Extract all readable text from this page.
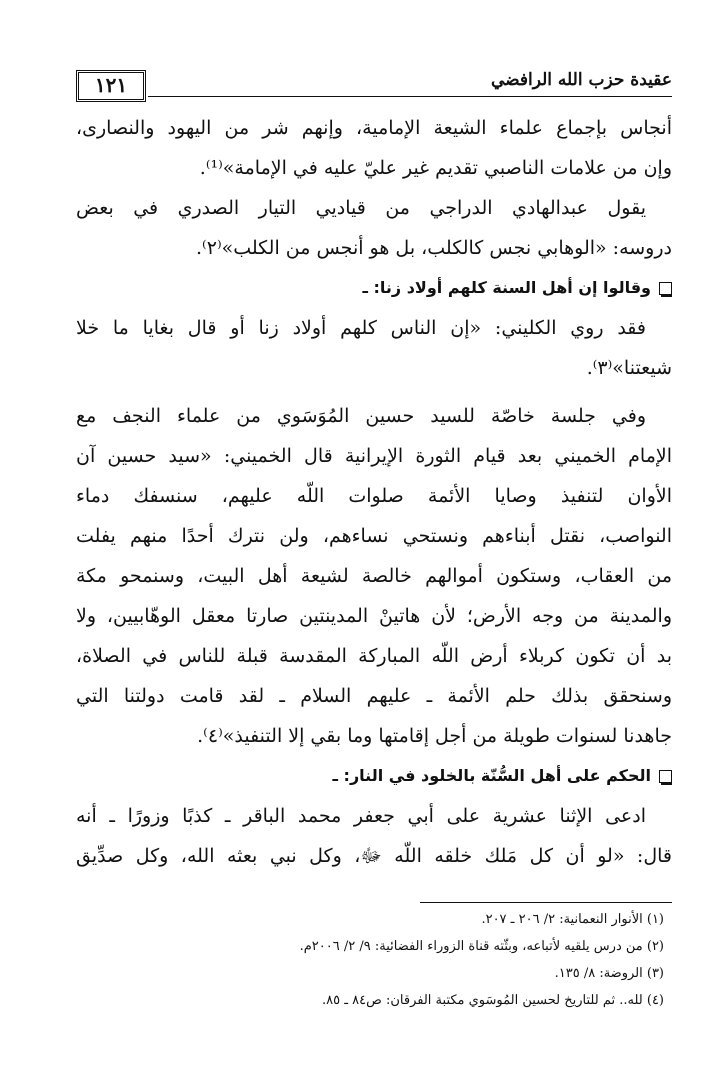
١٢١	عقيدة حزب الله الرافضي
أنجاس بإجماع علماء الشيعة الإمامية، وإنهم شر من اليهود والنصارى،
وإن من علامات الناصبي تقديم غير عليّ عليه في الإمامة»⁽¹⁾.
يقول عبدالهادي الدراجي من قياديي التيار الصدري في بعض
دروسه: «الوهابي نجس كالكلب، بل هو أنجس من الكلب»⁽٢⁾.
وقالوا إن أهل السنة كلهم أولاد زنا: ـ
فقد روي الكليني: «إن الناس كلهم أولاد زنا أو قال بغايا ما خلا
شيعتنا»⁽٣⁾.
وفي جلسة خاصّة للسيد حسين المُوَسَوي من علماء النجف مع
الإمام الخميني بعد قيام الثورة الإيرانية قال الخميني: «سيد حسين آن
الأوان لتنفيذ وصايا الأئمة صلوات اللّه عليهم، سنسفك دماء
النواصب، نقتل أبناءهم ونستحي نساءهم، ولن نترك أحدًا منهم يفلت
من العقاب، وستكون أموالهم خالصة لشيعة أهل البيت، وسنمحو مكة
والمدينة من وجه الأرض؛ لأن هاتينْ المدينتين صارتا معقل الوهّابيين، ولا
بد أن تكون كربلاء أرض اللّه المباركة المقدسة قبلة للناس في الصلاة،
وسنحقق بذلك حلم الأئمة ـ عليهم السلام ـ لقد قامت دولتنا التي
جاهدنا لسنوات طويلة من أجل إقامتها وما بقي إلا التنفيذ»⁽٤⁾.
الحكم على أهل السُّنّة بالخلود في النار: ـ
ادعى الإثنا عشرية على أبي جعفر محمد الباقر ـ كذبًا وزورًا ـ أنه
قال: «لو أن كل مَلك خلقه اللّه ﷻ، وكل نبي بعثه الله، وكل صدِّيق
(١) الأنوار النعمانية: ٢/ ٢٠٦ ـ ٢٠٧.
(٢) من درس يلقيه لأتباعه، وبثّته قناة الزوراء الفضائية: ٩/ ٢/ ٢٠٠٦م.
(٣) الروضة: ٨/ ١٣٥.
(٤) لله.. ثم للتاريخ لحسين المُوسَوي مكتبة الفرقان: ص٨٤ ـ ٨٥.
